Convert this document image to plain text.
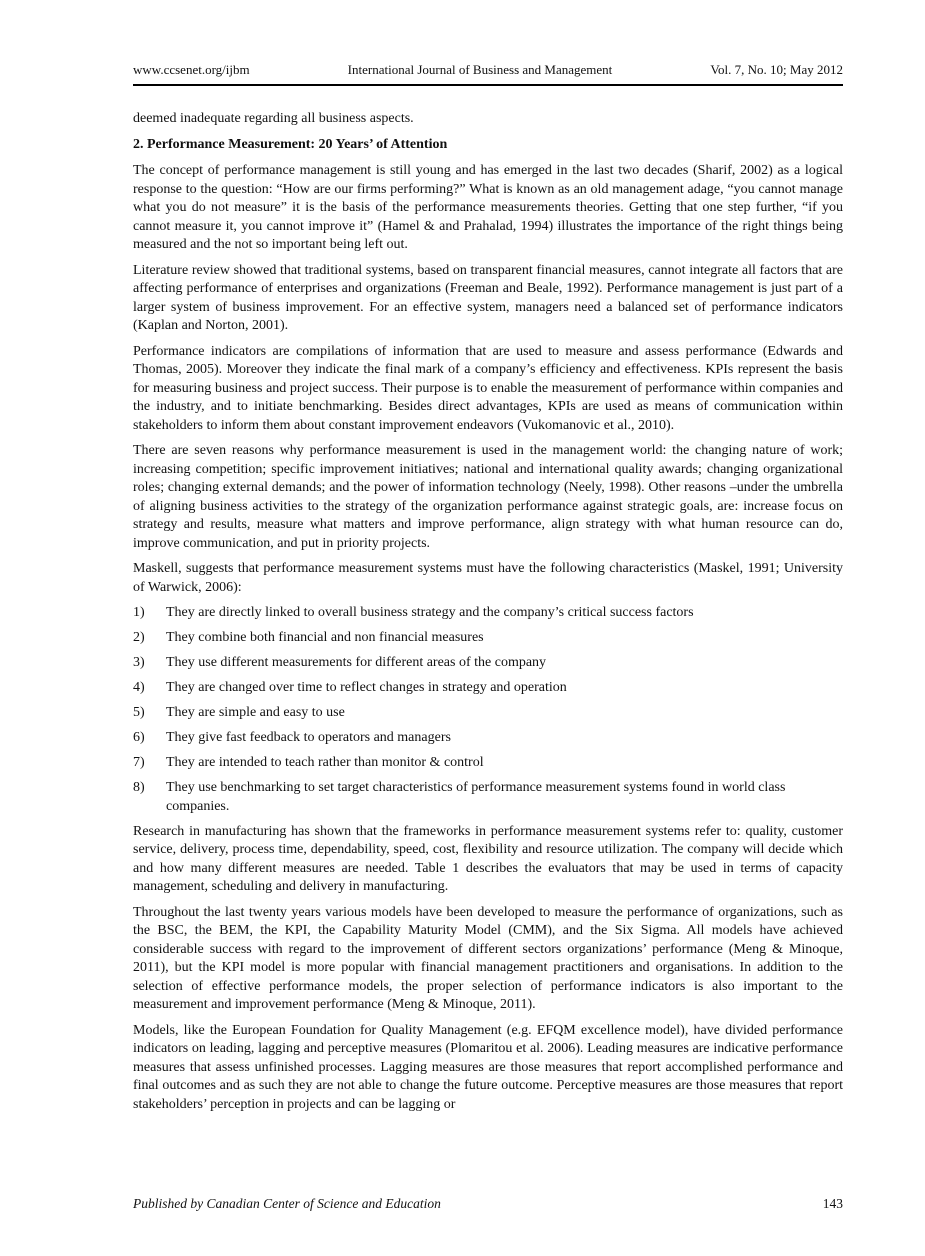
www.ccsenet.org/ijbm	International Journal of Business and Management	Vol. 7, No. 10; May 2012

deemed inadequate regarding all business aspects.

2. Performance Measurement: 20 Years’ of Attention

The concept of performance management is still young and has emerged in the last two decades (Sharif, 2002) as a logical response to the question: “How are our firms performing?” What is known as an old management adage, “you cannot manage what you do not measure” it is the basis of the performance measurements theories. Getting that one step further, “if you cannot measure it, you cannot improve it” (Hamel & and Prahalad, 1994) illustrates the importance of the right things being measured and the not so important being left out.

Literature review showed that traditional systems, based on transparent financial measures, cannot integrate all factors that are affecting performance of enterprises and organizations (Freeman and Beale, 1992). Performance management is just part of a larger system of business improvement. For an effective system, managers need a balanced set of performance indicators (Kaplan and Norton, 2001).

Performance indicators are compilations of information that are used to measure and assess performance (Edwards and Thomas, 2005). Moreover they indicate the final mark of a company’s efficiency and effectiveness. KPIs represent the basis for measuring business and project success. Their purpose is to enable the measurement of performance within companies and the industry, and to initiate benchmarking. Besides direct advantages, KPIs are used as means of communication within stakeholders to inform them about constant improvement endeavors (Vukomanovic et al., 2010).

There are seven reasons why performance measurement is used in the management world: the changing nature of work; increasing competition; specific improvement initiatives; national and international quality awards; changing organizational roles; changing external demands; and the power of information technology (Neely, 1998). Other reasons –under the umbrella of aligning business activities to the strategy of the organization performance against strategic goals, are: increase focus on strategy and results, measure what matters and improve performance, align strategy with what human resource can do, improve communication, and put in priority projects.

Maskell, suggests that performance measurement systems must have the following characteristics (Maskel, 1991; University of Warwick, 2006):

1)	They are directly linked to overall business strategy and the company’s critical success factors
2)	They combine both financial and non financial measures
3)	They use different measurements for different areas of the company
4)	They are changed over time to reflect changes in strategy and operation
5)	They are simple and easy to use
6)	They give fast feedback to operators and managers
7)	They are intended to teach rather than monitor & control
8)	They use benchmarking to set target characteristics of performance measurement systems found in world class companies.

Research in manufacturing has shown that the frameworks in performance measurement systems refer to: quality, customer service, delivery, process time, dependability, speed, cost, flexibility and resource utilization. The company will decide which and how many different measures are needed. Table 1 describes the evaluators that may be used in terms of capacity management, scheduling and delivery in manufacturing.

Throughout the last twenty years various models have been developed to measure the performance of organizations, such as the BSC, the BEM, the KPI, the Capability Maturity Model (CMM), and the Six Sigma. All models have achieved considerable success with regard to the improvement of different sectors organizations’ performance (Meng & Minoque, 2011), but the KPI model is more popular with financial management practitioners and organisations. In addition to the selection of effective performance models, the proper selection of performance indicators is also important to the measurement and improvement performance (Meng & Minoque, 2011).

Models, like the European Foundation for Quality Management (e.g. EFQM excellence model), have divided performance indicators on leading, lagging and perceptive measures (Plomaritou et al. 2006). Leading measures are indicative performance measures that assess unfinished processes. Lagging measures are those measures that report accomplished performance and final outcomes and as such they are not able to change the future outcome. Perceptive measures are those measures that report stakeholders’ perception in projects and can be lagging or

Published by Canadian Center of Science and Education	143
